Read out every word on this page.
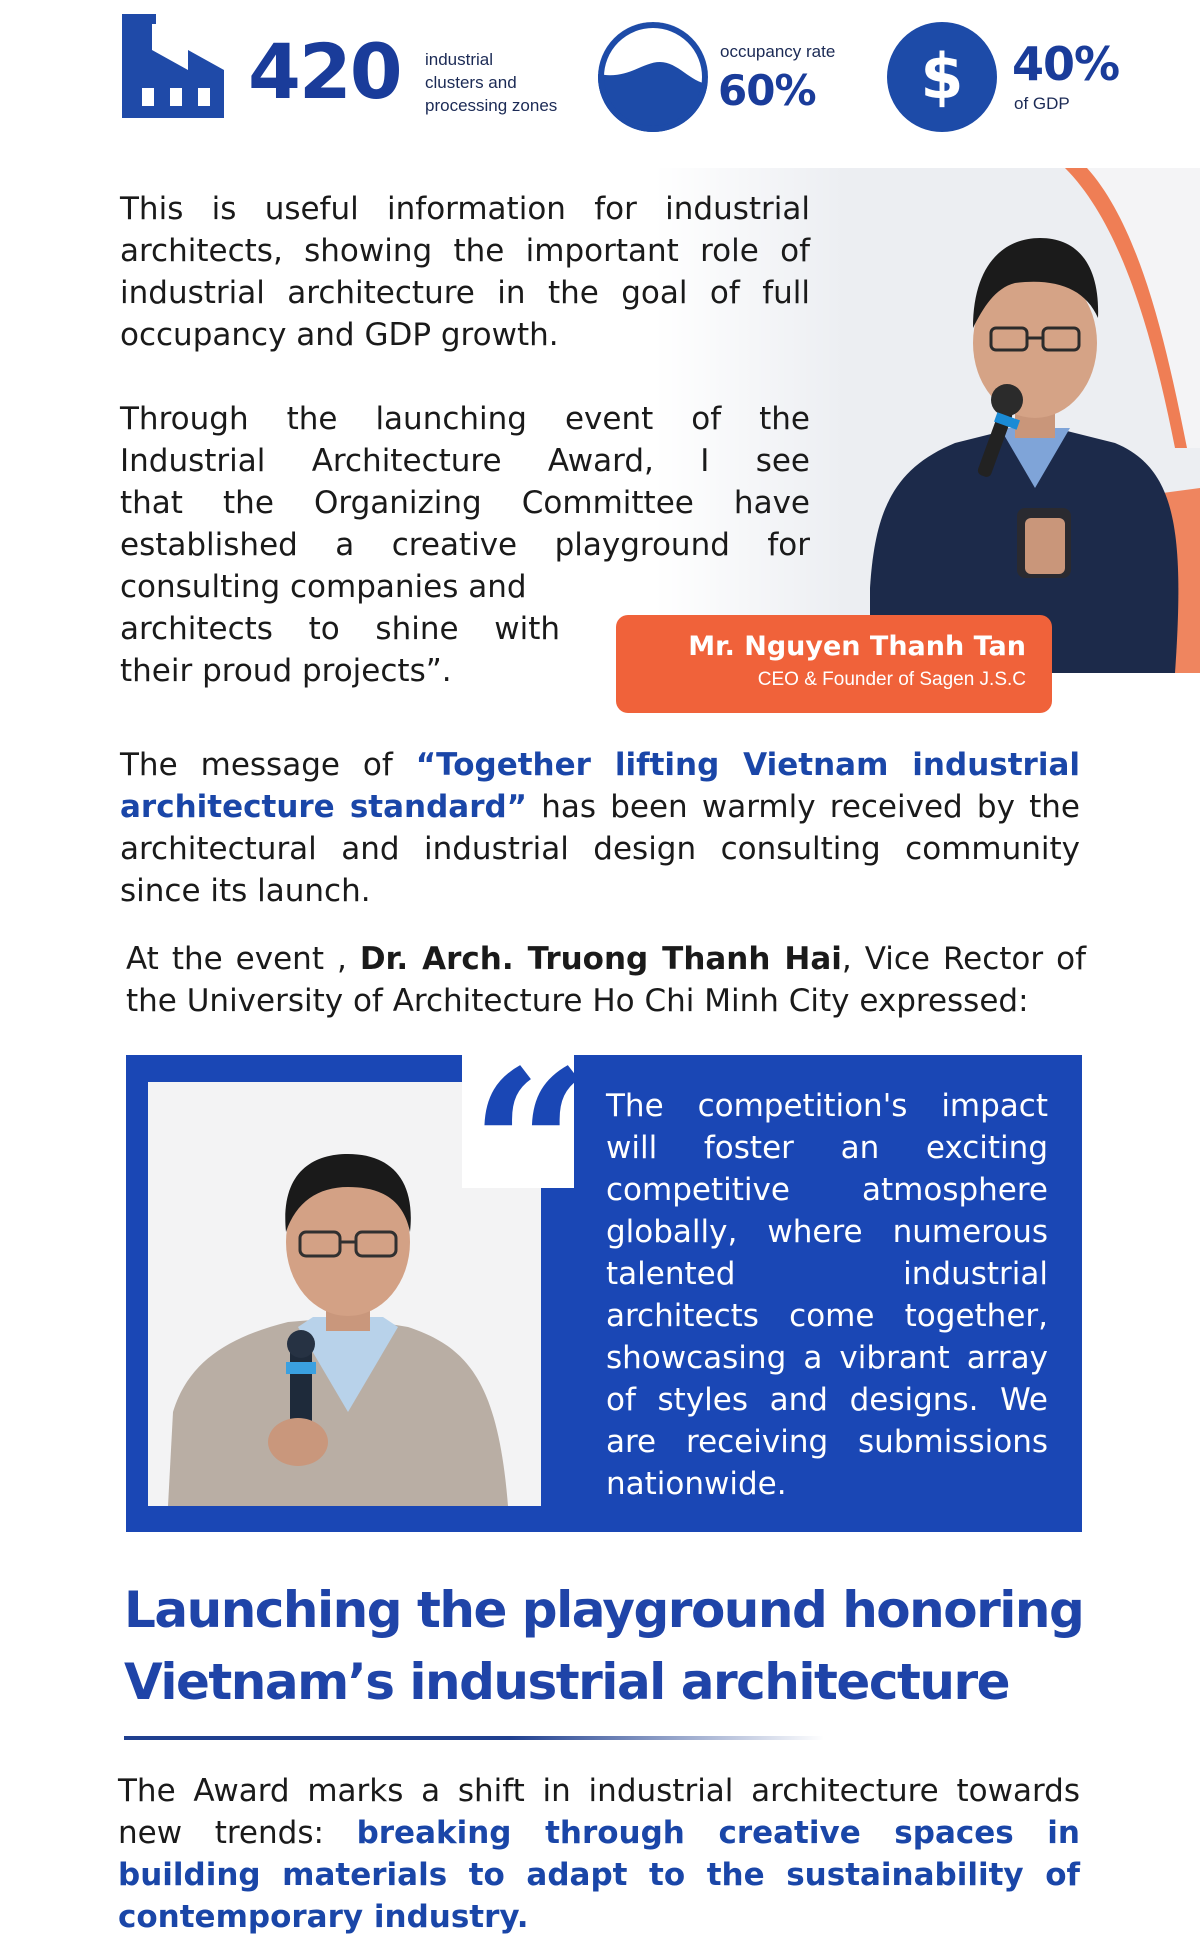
420 industrial
clusters and
processing zones
occupancy rate
60% $ 40%
of GDP
This is useful information for industrial architects, showing the important role of industrial architecture in the goal of full occupancy and GDP growth.
Through the launching event of the
Industrial Architecture Award, I see
that the Organizing Committee have
established a creative playground for
consulting companies and
architects to shine with
their proud projects”.
Mr. Nguyen Thanh Tan
CEO & Founder of Sagen J.S.C
The message of “Together lifting Vietnam industrial architecture standard” has been warmly received by the architectural and industrial design consulting community since its launch.
At the event , Dr. Arch. Truong Thanh Hai, Vice Rector of the University of Architecture Ho Chi Minh City expressed:
“ The competition's impact will foster an exciting competitive atmosphere globally, where numerous talented industrial architects come together, showcasing a vibrant array of styles and designs. We are receiving submissions nationwide.
Launching the playground honoring
Vietnam’s industrial architecture
The Award marks a shift in industrial architecture towards new trends: breaking through creative spaces in building materials to adapt to the sustainability of contemporary industry.
